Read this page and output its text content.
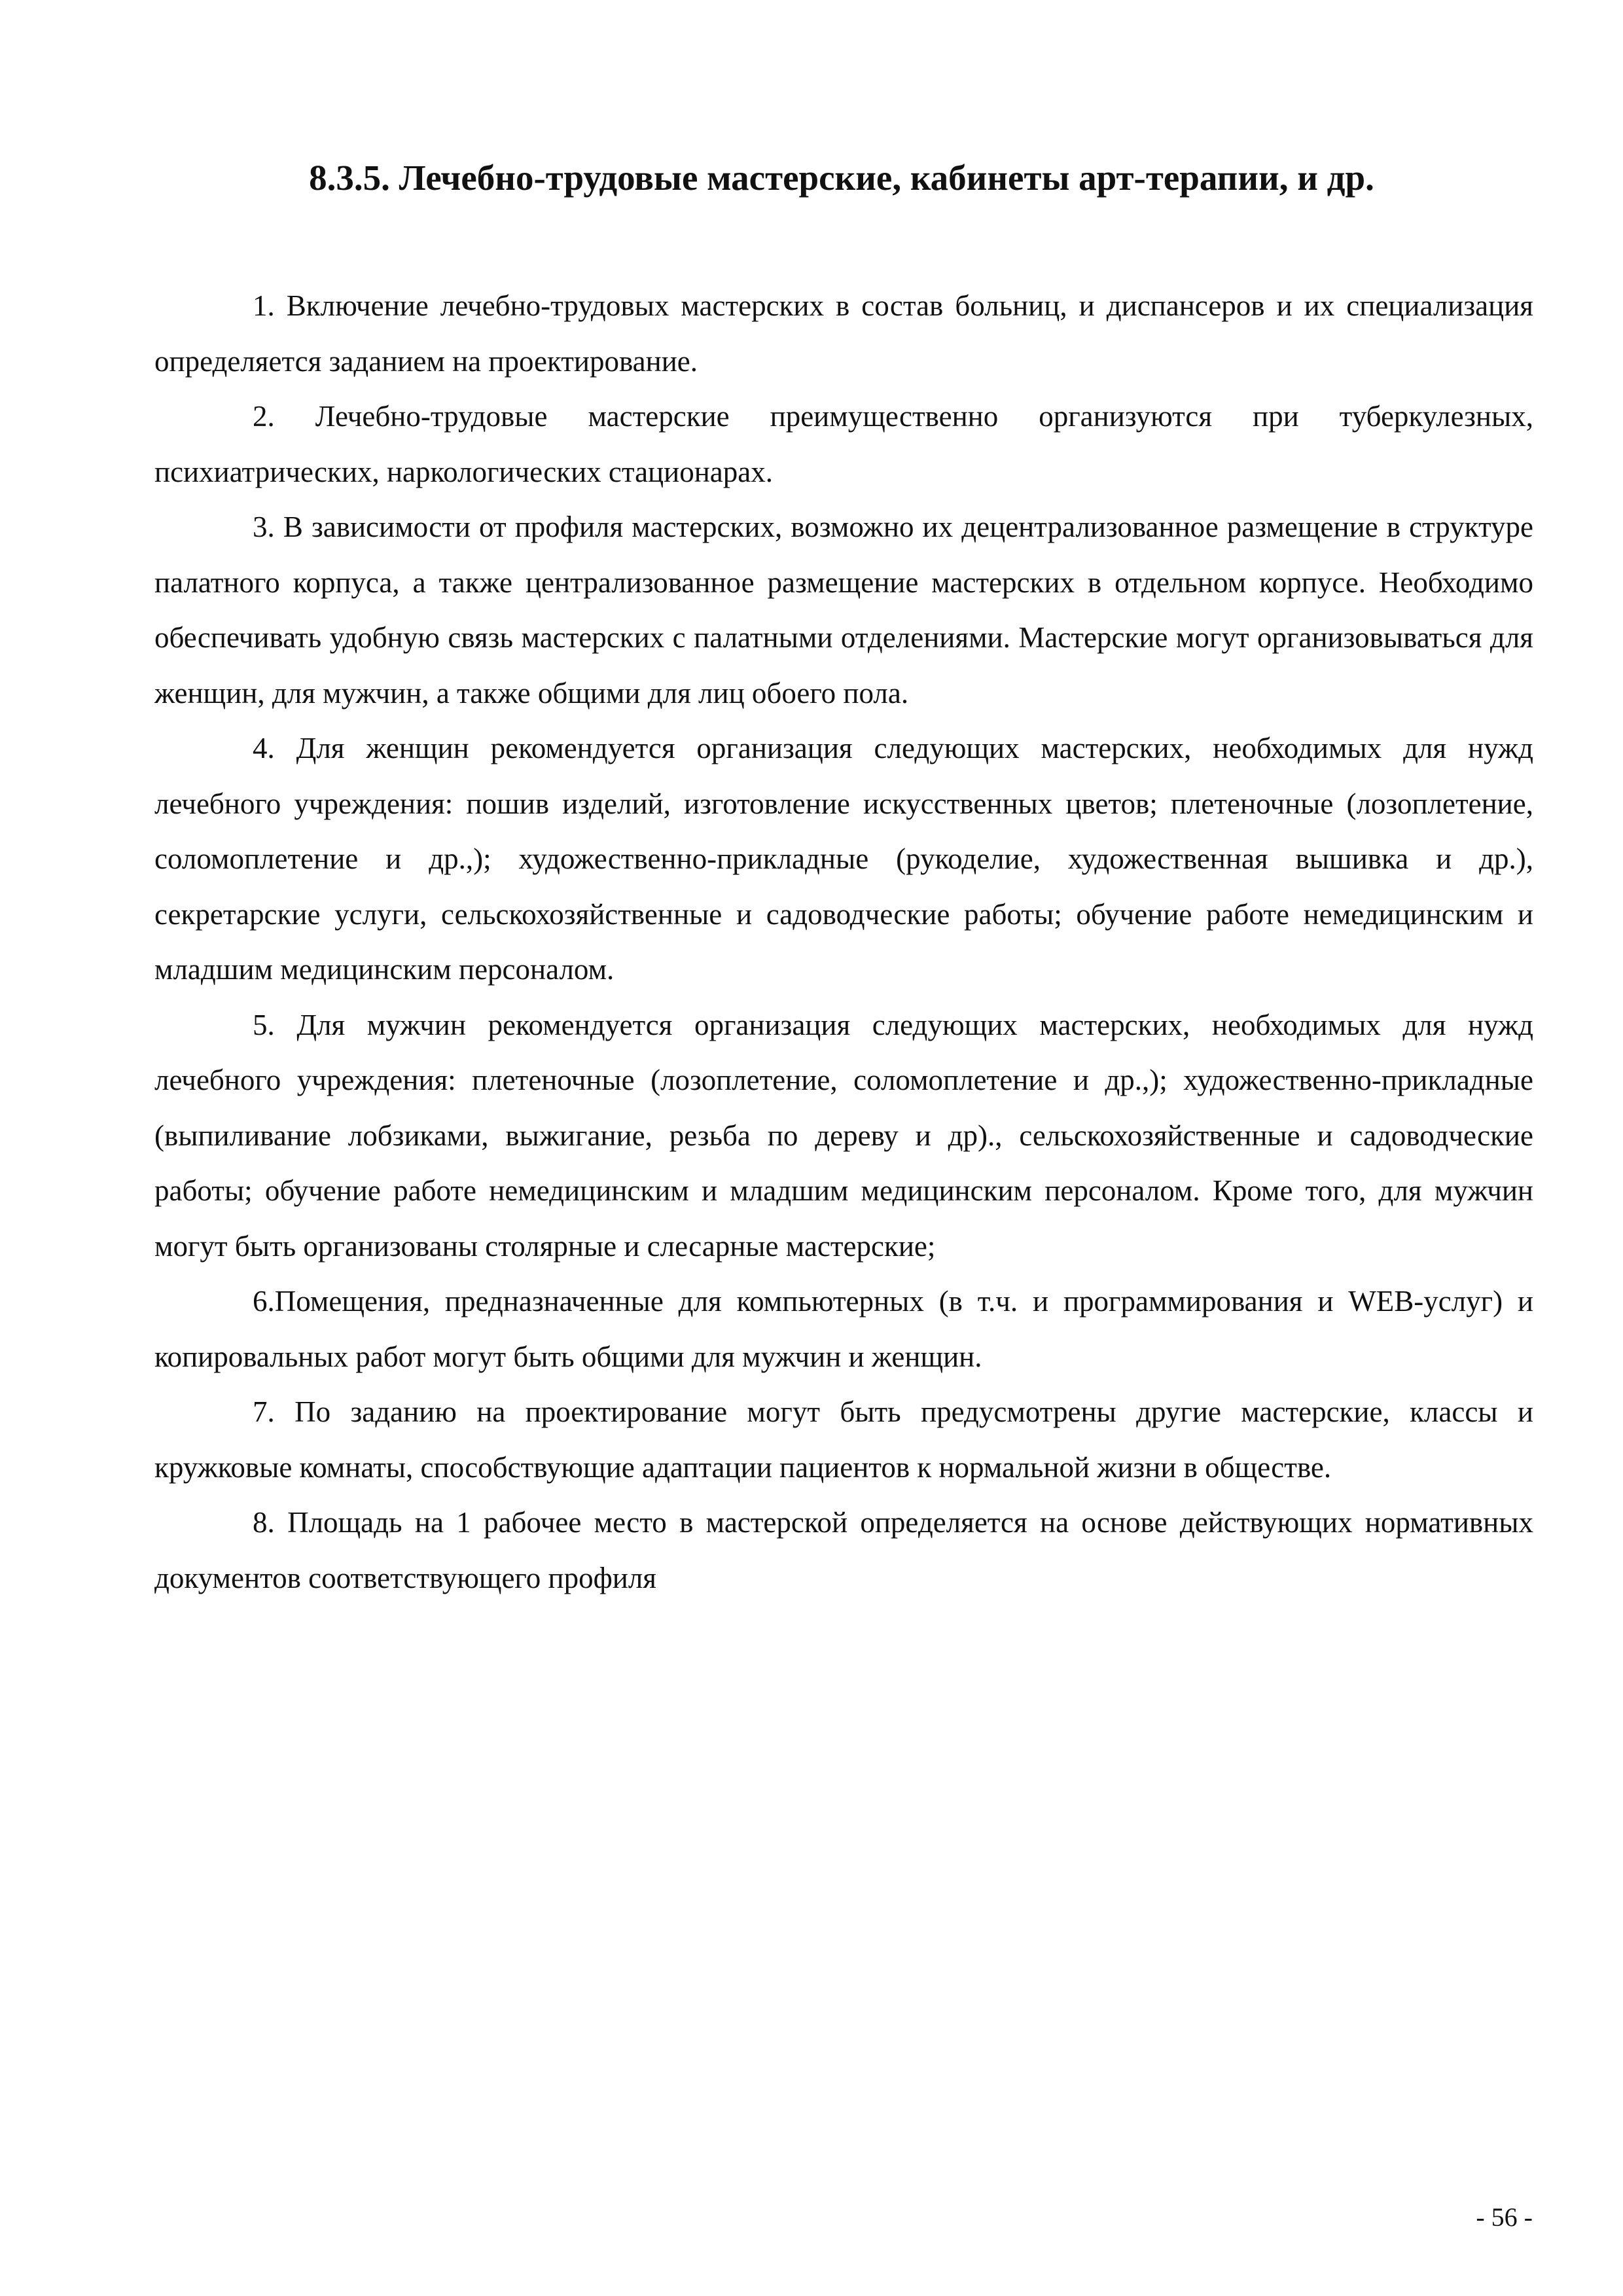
8.3.5. Лечебно-трудовые мастерские, кабинеты арт-терапии, и др.

1. Включение лечебно-трудовых мастерских в состав больниц, и диспансеров и их специализация определяется заданием на проектирование.

2. Лечебно-трудовые мастерские преимущественно организуются при туберкулезных, психиатрических, наркологических стационарах.

3. В зависимости от профиля мастерских, возможно их децентрализованное размещение в структуре палатного корпуса, а также централизованное размещение мастерских в отдельном корпусе. Необходимо обеспечивать удобную связь мастерских с палатными отделениями. Мастерские могут организовываться для женщин, для мужчин, а также общими для лиц обоего пола.

4. Для женщин рекомендуется организация следующих мастерских, необходимых для нужд лечебного учреждения: пошив изделий, изготовление искусственных цветов; плетеночные (лозоплетение, соломоплетение и др.,); художественно-прикладные (рукоделие, художественная вышивка и др.), секретарские услуги, сельскохозяйственные и садоводческие работы; обучение работе немедицинским и младшим медицинским персоналом.

5. Для мужчин рекомендуется организация следующих мастерских, необходимых для нужд лечебного учреждения: плетеночные (лозоплетение, соломоплетение и др.,); художественно-прикладные (выпиливание лобзиками, выжигание, резьба по дереву и др)., сельскохозяйственные и садоводческие работы; обучение работе немедицинским и младшим медицинским персоналом. Кроме того, для мужчин могут быть организованы столярные и слесарные мастерские;

6.Помещения, предназначенные для компьютерных (в т.ч. и программирования и WEB-услуг) и копировальных работ могут быть общими для мужчин и женщин.

7. По заданию на проектирование могут быть предусмотрены другие мастерские, классы и кружковые комнаты, способствующие адаптации пациентов к нормальной жизни в обществе.

8. Площадь на 1 рабочее место в мастерской определяется на основе действующих нормативных документов соответствующего профиля

- 56 -
